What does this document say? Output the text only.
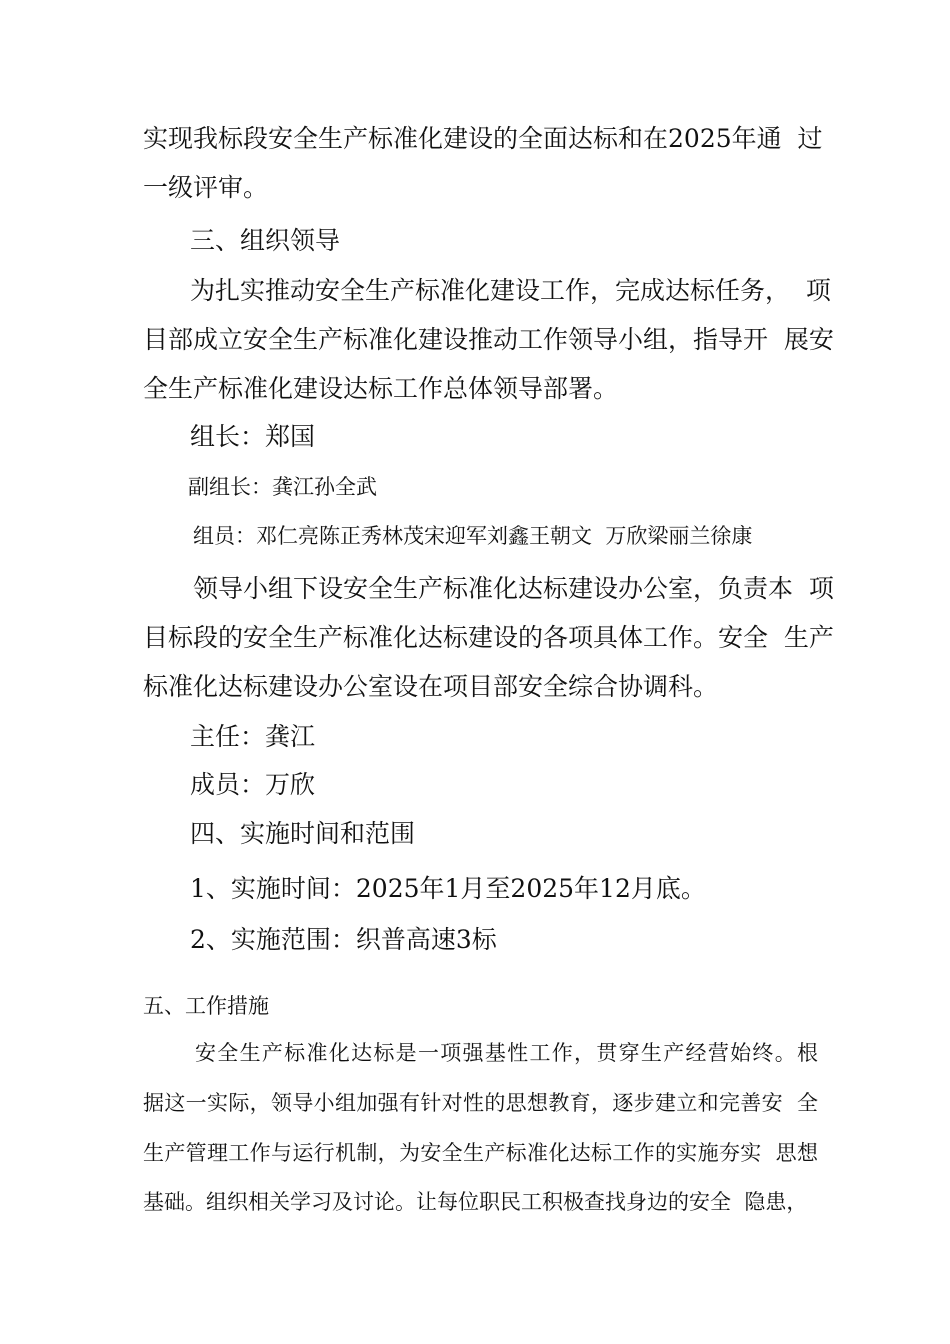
实现我标段安全生产标准化建设的全面达标和在2025年通  过
一级评审。
三、组织领导
为扎实推动安全生产标准化建设工作，完成达标任务，  项
目部成立安全生产标准化建设推动工作领导小组，指导开  展安
全生产标准化建设达标工作总体领导部署。
组长：郑国
副组长：龚江孙全武
组员：邓仁亮陈正秀林茂宋迎军刘鑫王朝文  万欣梁丽兰徐康
领导小组下设安全生产标准化达标建设办公室，负责本  项
目标段的安全生产标准化达标建设的各项具体工作。安全  生产
标准化达标建设办公室设在项目部安全综合协调科。
主任：龚江
成员：万欣
四、实施时间和范围
1、实施时间：2025年1月至2025年12月底。
2、实施范围：织普高速3标
五、工作措施
安全生产标准化达标是一项强基性工作，贯穿生产经营始终。根
据这一实际，领导小组加强有针对性的思想教育，逐步建立和完善安  全
生产管理工作与运行机制，为安全生产标准化达标工作的实施夯实  思想
基础。组织相关学习及讨论。让每位职民工积极查找身边的安全  隐患，
